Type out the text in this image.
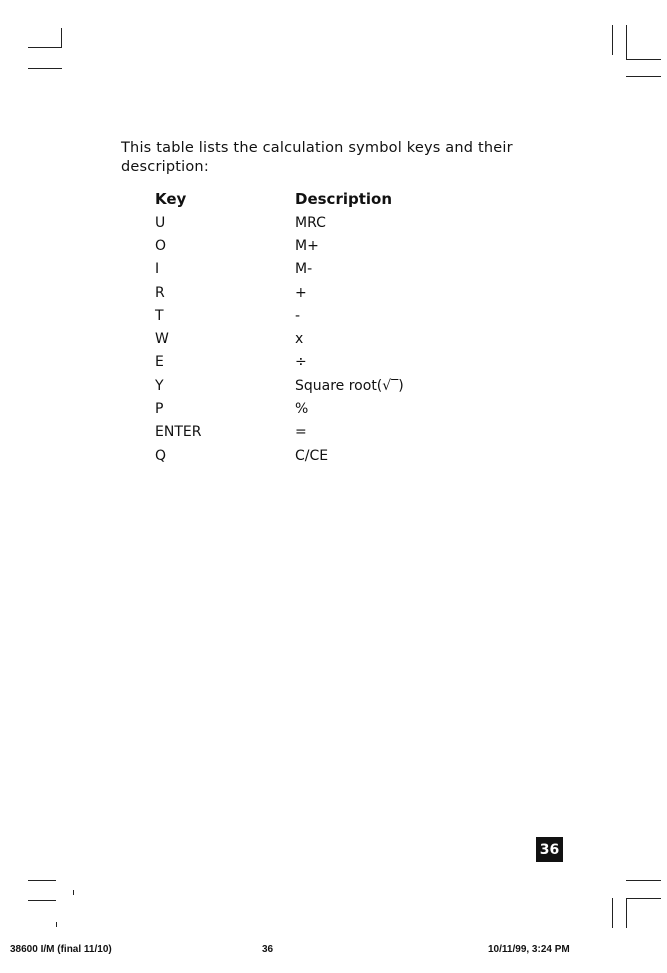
This table lists the calculation symbol keys and their description:
Key	Description
U	MRC
O	M+
I	M-
R	+
T	-
W	x
E	÷
Y	Square root(√‾)
P	%
ENTER	=
Q	C/CE
36
38600 I/M (final 11/10)	36	10/11/99, 3:24 PM
